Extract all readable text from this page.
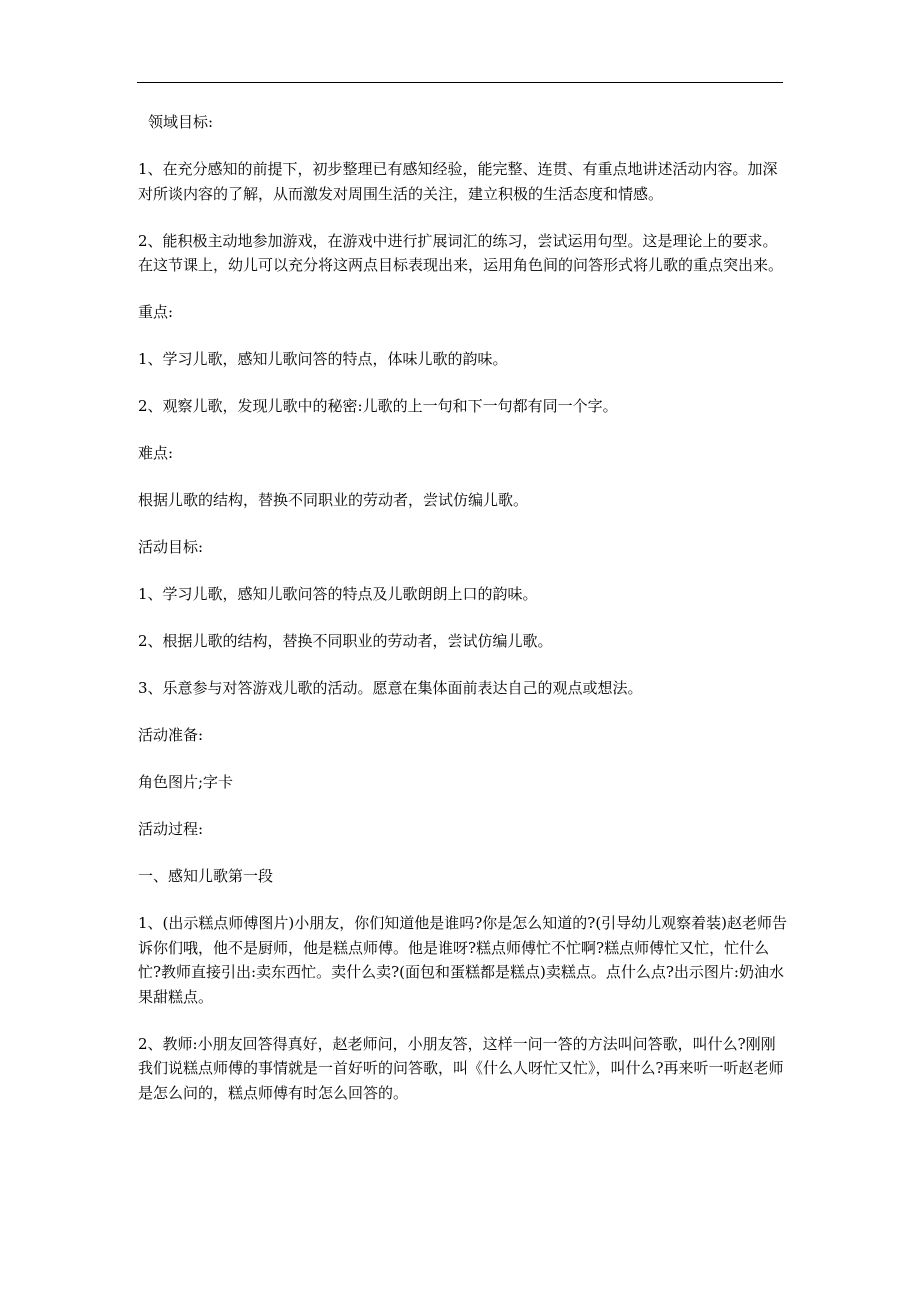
领域目标:

1、在充分感知的前提下，初步整理已有感知经验，能完整、连贯、有重点地讲述活动内容。加深对所谈内容的了解，从而激发对周围生活的关注，建立积极的生活态度和情感。

2、能积极主动地参加游戏，在游戏中进行扩展词汇的练习，尝试运用句型。这是理论上的要求。在这节课上，幼儿可以充分将这两点目标表现出来，运用角色间的问答形式将儿歌的重点突出来。

重点:

1、学习儿歌，感知儿歌问答的特点，体味儿歌的韵味。

2、观察儿歌，发现儿歌中的秘密:儿歌的上一句和下一句都有同一个字。

难点:

根据儿歌的结构，替换不同职业的劳动者，尝试仿编儿歌。

活动目标:

1、学习儿歌，感知儿歌问答的特点及儿歌朗朗上口的韵味。

2、根据儿歌的结构，替换不同职业的劳动者，尝试仿编儿歌。

3、乐意参与对答游戏儿歌的活动。愿意在集体面前表达自己的观点或想法。

活动准备:

角色图片;字卡

活动过程:

一、感知儿歌第一段

1、(出示糕点师傅图片)小朋友，你们知道他是谁吗?你是怎么知道的?(引导幼儿观察着装)赵老师告诉你们哦，他不是厨师，他是糕点师傅。他是谁呀?糕点师傅忙不忙啊?糕点师傅忙又忙，忙什么忙?教师直接引出:卖东西忙。卖什么卖?(面包和蛋糕都是糕点)卖糕点。点什么点?出示图片:奶油水果甜糕点。

2、教师:小朋友回答得真好，赵老师问，小朋友答，这样一问一答的方法叫问答歌，叫什么?刚刚我们说糕点师傅的事情就是一首好听的问答歌，叫《什么人呀忙又忙》，叫什么?再来听一听赵老师是怎么问的，糕点师傅有时怎么回答的。
